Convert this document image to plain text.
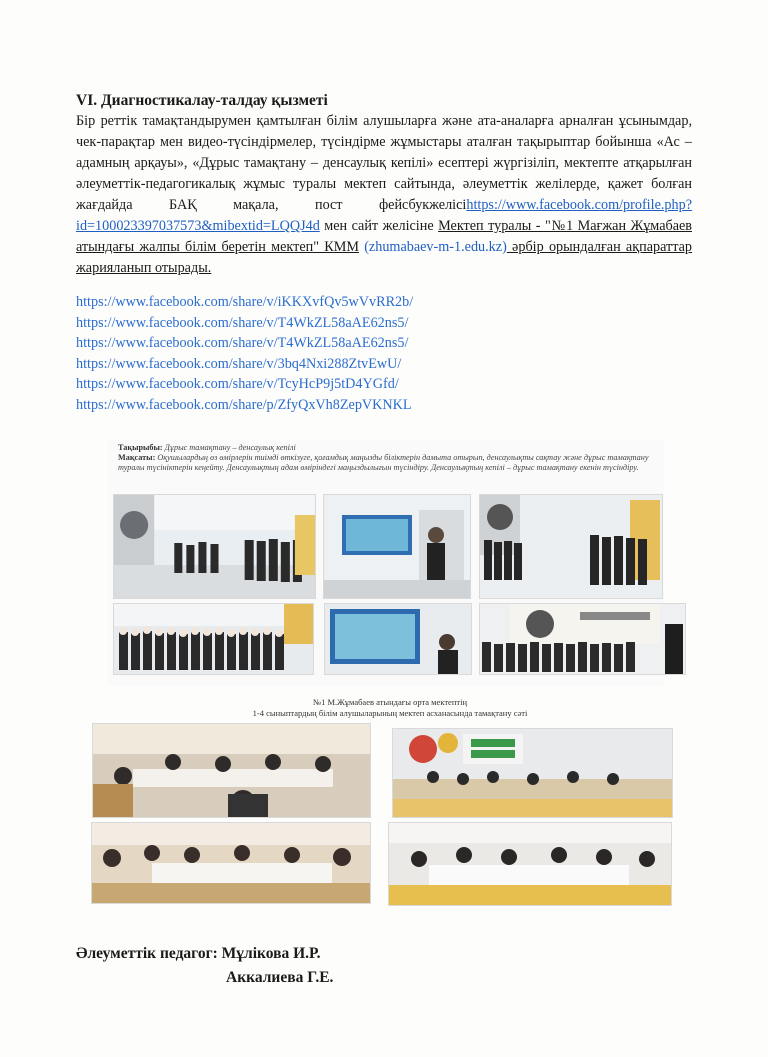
VI. Диагностикалау-талдау қызметі
Бір реттік тамақтандырумен қамтылған білім алушыларға және ата-аналарға арналған ұсынымдар, чек-парақтар мен видео-түсіндірмелер, түсіндірме жұмыстары аталған тақырыптар бойынша «Ас – адамның арқауы», «Дұрыс тамақтану – денсаулық кепілі» есептері жүргізіліп, мектепте атқарылған әлеуметтік-педагогикалық жұмыс туралы мектеп сайтында, әлеуметтік желілерде, қажет болған жағдайда БАҚ мақала, пост фейсбукжелісіhttps://www.facebook.com/profile.php?id=100023397037573&mibextid=LQQJ4d мен сайт желісіне Мектеп туралы - "№1 Мағжан Жұмабаев атындағы жалпы білім беретін мектеп" КММ (zhumabaev-m-1.edu.kz) әрбір орындалған ақпараттар жарияланып отырады.
https://www.facebook.com/share/v/iKKXvfQv5wVvRR2b/
https://www.facebook.com/share/v/T4WkZL58aAE62ns5/
https://www.facebook.com/share/v/T4WkZL58aAE62ns5/
https://www.facebook.com/share/v/3bq4Nxi288ZtvEwU/
https://www.facebook.com/share/v/TcyHcP9j5tD4YGfd/
https://www.facebook.com/share/p/ZfyQxVh8ZepVKNKL
Тақырыбы: Дұрыс тамақтану – денсаулық кепілі
Мақсаты: Оқушылардың өз өмірлерін тиімді өткізуге, қоғамдық маңызды біліктерін дамыта отырып, денсаулықты сақтау және дұрыс тамақтану туралы түсініктерін кеңейту. Денсаулықтың адам өміріндегі маңыздылығын түсіндіру. Денсаулықтың кепілі – дұрыс тамақтану екенін түсіндіру.
№1 М.Жұмабаев атындағы орта мектептің
1-4 сыныптардың білім алушыларының мектеп асханасында тамақтану сәті
Әлеуметтік педагог: Мұлікова И.Р.
Аккалиева Г.Е.
